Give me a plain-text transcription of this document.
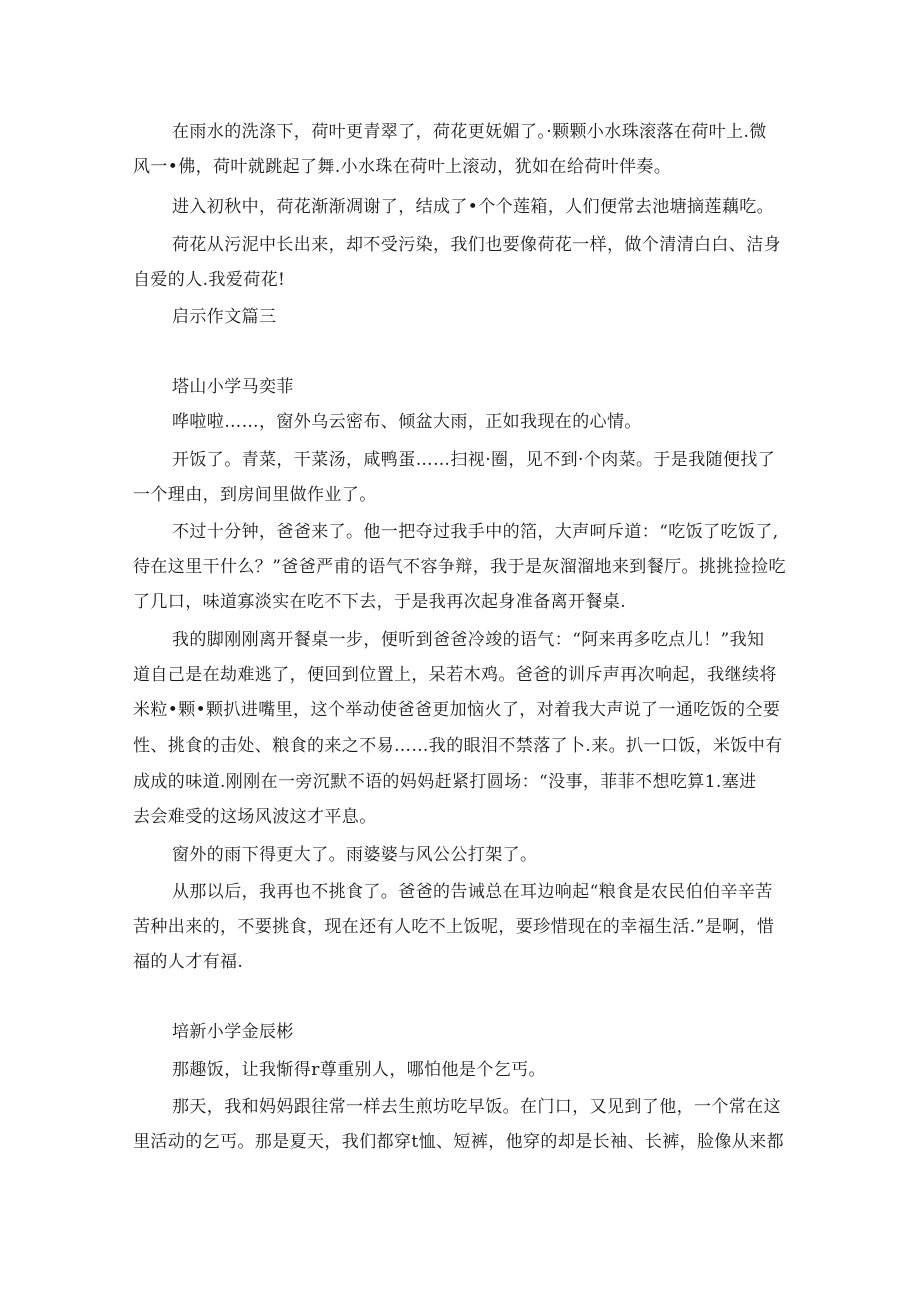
在雨水的洗涤下，荷叶更青翠了，荷花更妩媚了。·颗颗小水珠滚落在荷叶上.微
风一•佛，荷叶就跳起了舞.小水珠在荷叶上滚动，犹如在给荷叶伴奏。
进入初秋中，荷花渐渐凋谢了，结成了•个个莲箱，人们便常去池塘摘莲藕吃。
荷花从污泥中长出来，却不受污染，我们也要像荷花一样，做个清清白白、洁身
自爱的人.我爱荷花!
启示作文篇三
塔山小学马奕菲
哗啦啦……，窗外乌云密布、倾盆大雨，正如我现在的心情。
开饭了。青菜，干菜汤，咸鸭蛋……扫视·圈，见不到·个肉菜。于是我随便找了
一个理由，到房间里做作业了。
不过十分钟，爸爸来了。他一把夺过我手中的箔，大声呵斥道：“吃饭了吃饭了,
待在这里干什么？”爸爸严甫的语气不容争辩，我于是灰溜溜地来到餐厅。挑挑捡捡吃
了几口，味道寡淡实在吃不下去，于是我再次起身准备离开餐桌.
我的脚刚刚离开餐桌一步，便听到爸爸冷竣的语气：“阿来再多吃点儿！”我知
道自己是在劫难逃了，便回到位置上，呆若木鸡。爸爸的训斥声再次响起，我继续将
米粒•颗•颗扒进嘴里，这个举动使爸爸更加恼火了，对着我大声说了一通吃饭的仝要
性、挑食的击处、粮食的来之不易……我的眼泪不禁落了卜.来。扒一口饭，米饭中有
成成的味道.刚刚在一旁沉默不语的妈妈赶紧打圆场：“没事，菲菲不想吃算1.塞进
去会难受的这场风波这才平息。
窗外的雨下得更大了。雨婆婆与风公公打架了。
从那以后，我再也不挑食了。爸爸的告诫总在耳边响起“粮食是农民伯伯辛辛苦
苦种出来的，不要挑食，现在还有人吃不上饭呢，要珍惜现在的幸福生活.”是啊，惜
福的人才有福.
培新小学金辰彬
那趣饭，让我惭得r尊重别人，哪怕他是个乞丐。
那天，我和妈妈跟往常一样去生煎坊吃早饭。在门口，又见到了他，一个常在这
里活动的乞丐。那是夏天，我们都穿t恤、短裤，他穿的却是长袖、长裤，脸像从来都
